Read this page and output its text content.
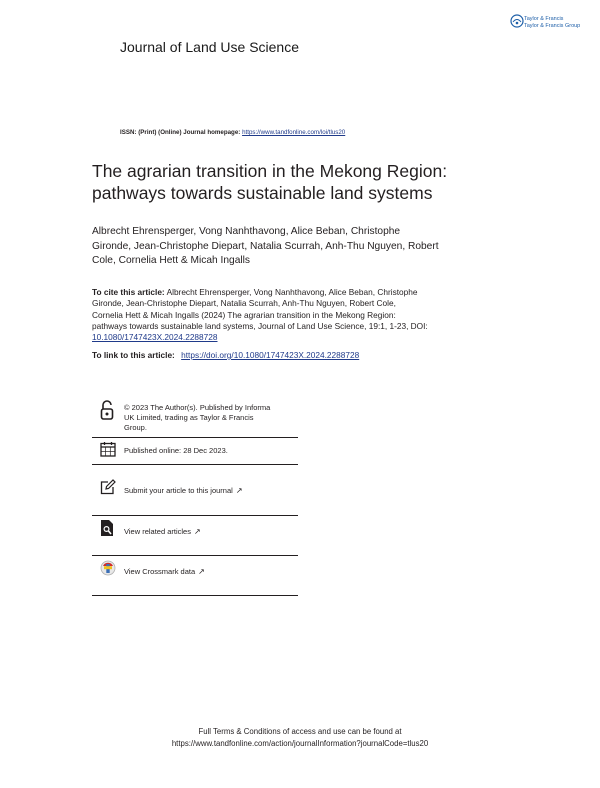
Journal of Land Use Science
Taylor & Francis
Taylor & Francis Group
ISSN: (Print) (Online) Journal homepage: https://www.tandfonline.com/loi/tlus20
The agrarian transition in the Mekong Region:
pathways towards sustainable land systems
Albrecht Ehrensperger, Vong Nanhthavong, Alice Beban, Christophe
Gironde, Jean-Christophe Diepart, Natalia Scurrah, Anh-Thu Nguyen, Robert
Cole, Cornelia Hett & Micah Ingalls
To cite this article: Albrecht Ehrensperger, Vong Nanhthavong, Alice Beban, Christophe
Gironde, Jean-Christophe Diepart, Natalia Scurrah, Anh-Thu Nguyen, Robert Cole,
Cornelia Hett & Micah Ingalls (2024) The agrarian transition in the Mekong Region:
pathways towards sustainable land systems, Journal of Land Use Science, 19:1, 1-23, DOI:
10.1080/1747423X.2024.2288728
To link to this article: https://doi.org/10.1080/1747423X.2024.2288728
© 2023 The Author(s). Published by Informa
UK Limited, trading as Taylor & Francis
Group.
Published online: 28 Dec 2023.
Submit your article to this journal ↗
View related articles ↗
View Crossmark data ↗
Full Terms & Conditions of access and use can be found at
https://www.tandfonline.com/action/journalInformation?journalCode=tlus20
